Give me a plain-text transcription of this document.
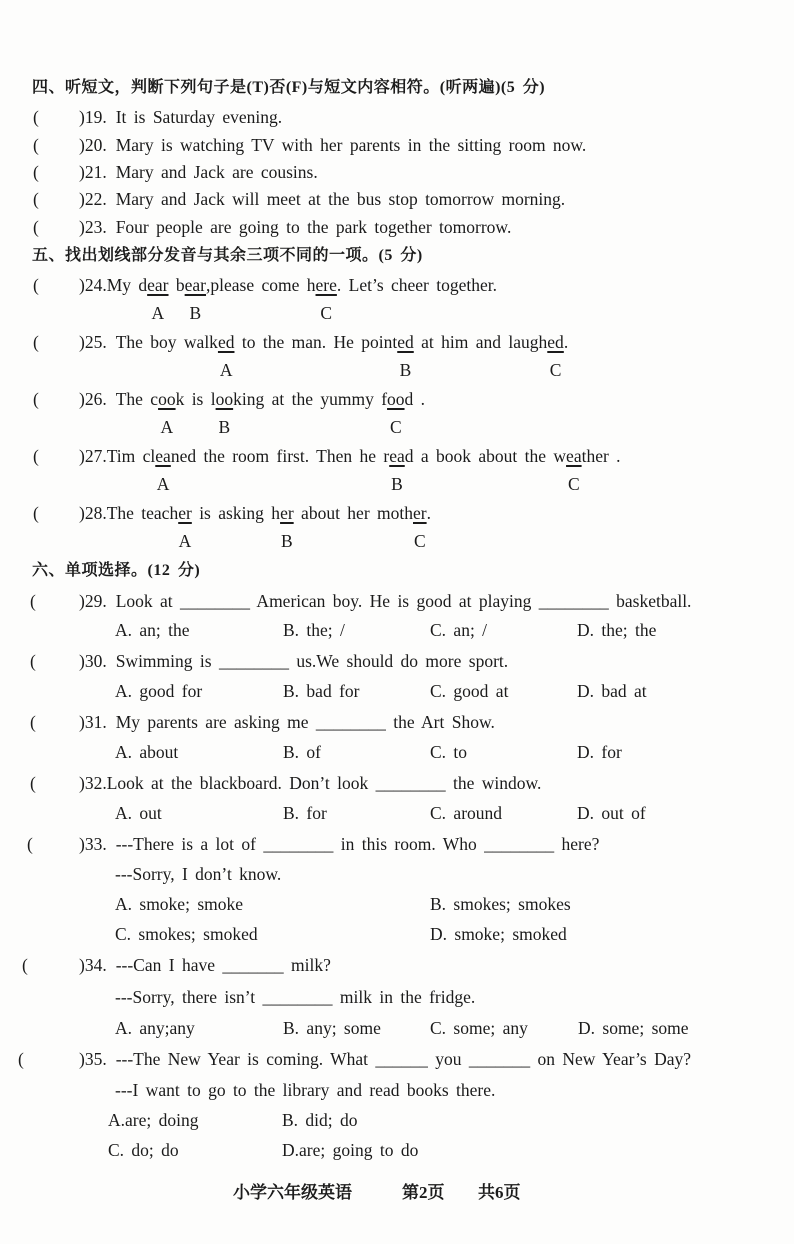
四、听短文，判断下列句子是(T)否(F)与短文内容相符。(听两遍)(5 分)
( )19. It is Saturday evening.
( )20. Mary is watching TV with her parents in the sitting room now.
( )21. Mary and Jack are cousins.
( )22. Mary and Jack will meet at the bus stop tomorrow morning.
( )23. Four people are going to the park together tomorrow.
五、找出划线部分发音与其余三项不同的一项。(5 分)
( )24.My dear
A
bear
B
,please come here
C
. Let’s cheer together.
( )25. The boy walked
A
to the man. He pointed
B
at him and laughed
C
.
( )26. The coo
A
k is loo
B
king at the yummy foo
C
d .
( )27.Tim clea
A
ned the room first. Then he rea
B
d a book about the wea
C
ther .
( )28.The teacher
A
is asking her
B
about her mother
C
.
六、单项选择。(12 分)
( )29. Look at ________ American boy. He is good at playing ________ basketball.
A. an; the	B. the; /	C. an; /	D. the; the
( )30. Swimming is ________ us.We should do more sport.
A. good for	B. bad for	C. good at	D. bad at
( )31. My parents are asking me ________ the Art Show.
A. about	B. of	C. to	D. for
( )32.Look at the blackboard. Don’t look ________ the window.
A. out	B. for	C. around	D. out of
(	)33. ---There is a lot of ________ in this room. Who ________ here?
---Sorry, I don’t know.
A. smoke; smoke	B. smokes; smokes
C. smokes; smoked	D. smoke; smoked
(	)34. ---Can I have _______ milk?
---Sorry, there isn’t ________ milk in the fridge.
A. any;any	B. any; some	C. some; any	D. some; some
(	)35. ---The New Year is coming. What ______ you _______ on New Year’s Day?
---I want to go to the library and read books there.
A.are; doing	B. did; do
C. do; do	D.are; going to do
小学六年级英语	第2页 共6页
